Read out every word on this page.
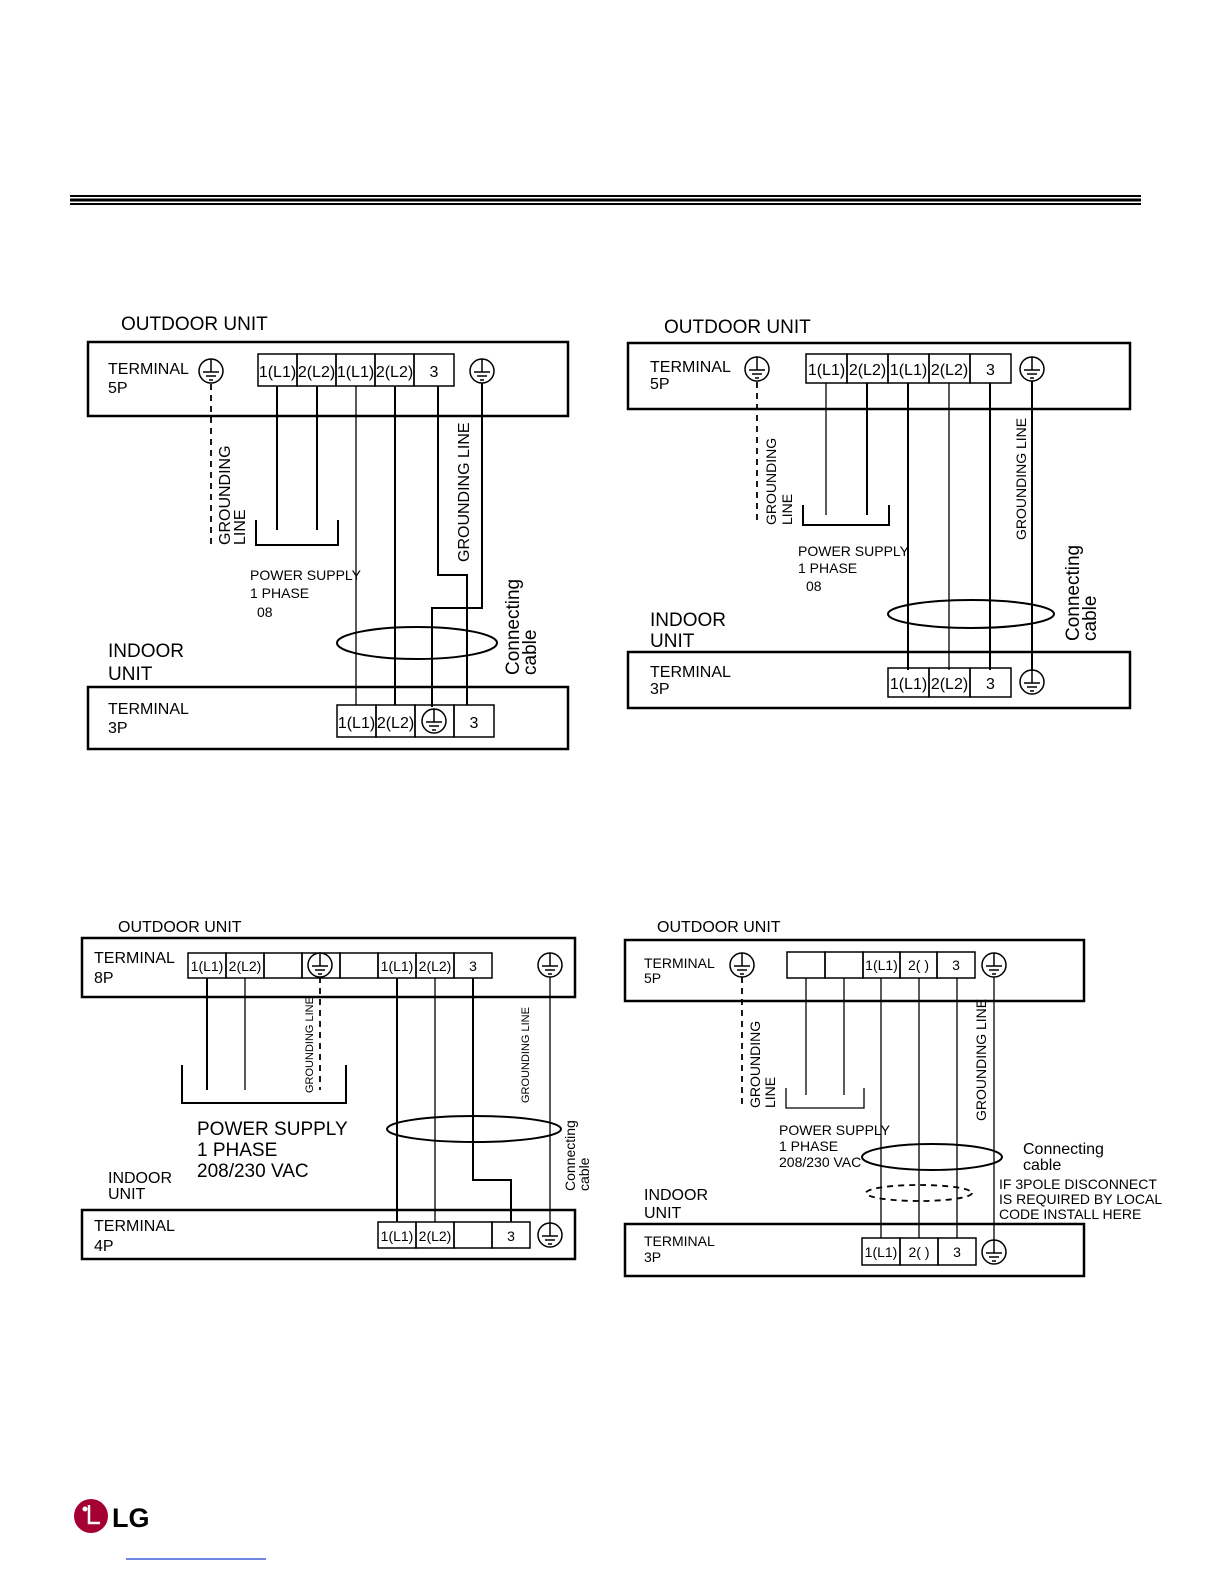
OUTDOOR UNIT
TERMINAL
5P
1(L1) 2(L2) 1(L1) 2(L2) 3
GROUNDING
LINE	GROUNDING LINE
POWER SUPPLY
1 PHASE
08	Connecting
cable
INDOOR
UNIT
TERMINAL
3P	1(L1) 2(L2)	3
OUTDOOR UNIT
TERMINAL
5P
1(L1) 2(L2) 1(L1) 2(L2) 3
GROUNDING LINE	GROUNDING LINE
POWER SUPPLY
1 PHASE
08	Connecting
cable
INDOOR
UNIT
TERMINAL
3P	1(L1) 2(L2) 3
OUTDOOR UNIT
TERMINAL
8P
1(L1) 2(L2)	1(L1) 2(L2) 3
GROUNDING LINE	GROUNDING LINE
POWER SUPPLY
1 PHASE
208/230 VAC	Connecting
cable
INDOOR
UNIT
TERMINAL
4P
1(L1) 2(L2)	3
OUTDOOR UNIT
TERMINAL
5P
1(L1) 2( ) 3
GROUNDING LINE	GROUNDING LINE
POWER SUPPLY
1 PHASE
208/230 VAC
Connecting
cable
IF 3POLE DISCONNECT
IS REQUIRED BY LOCAL
CODE INSTALL HERE
INDOOR
UNIT
TERMINAL
3P	1(L1) 2( ) 3
LG
